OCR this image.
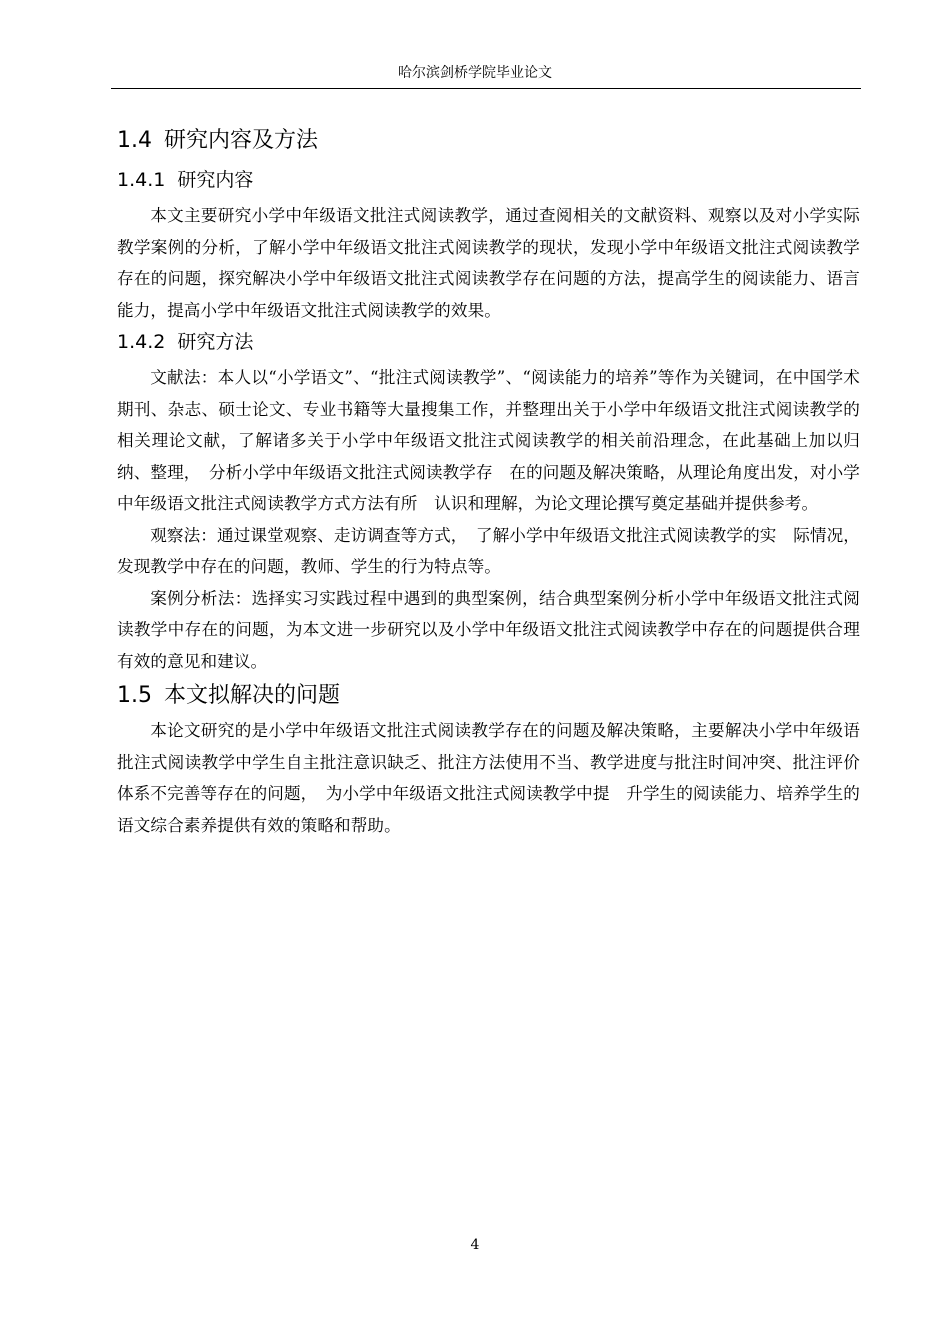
哈尔滨剑桥学院毕业论文
1.4 研究内容及方法
1.4.1 研究内容

本文主要研究小学中年级语文批注式阅读教学，通过查阅相关的文献资料、观察以及对小学实际教学案例的分析，了解小学中年级语文批注式阅读教学的现状，发现小学中年级语文批注式阅读教学存在的问题，探究解决小学中年级语文批注式阅读教学存在问题的方法，提高学生的阅读能力、语言能力，提高小学中年级语文批注式阅读教学的效果。

1.4.2 研究方法

文献法：本人以“小学语文”、“批注式阅读教学”、“阅读能力的培养”等作为关键词，在中国学术期刊、杂志、硕士论文、专业书籍等大量搜集工作，并整理出关于小学中年级语文批注式阅读教学的相关理论文献，了解诸多关于小学中年级语文批注式阅读教学的相关前沿理念，在此基础上加以归纳、整理，　分析小学中年级语文批注式阅读教学存　在的问题及解决策略，从理论角度出发，对小学中年级语文批注式阅读教学方式方法有所　认识和理解，为论文理论撰写奠定基础并提供参考。

观察法：通过课堂观察、走访调查等方式，　了解小学中年级语文批注式阅读教学的实　际情况，发现教学中存在的问题，教师、学生的行为特点等。

案例分析法：选择实习实践过程中遇到的典型案例，结合典型案例分析小学中年级语文批注式阅读教学中存在的问题，为本文进一步研究以及小学中年级语文批注式阅读教学中存在的问题提供合理有效的意见和建议。

1.5 本文拟解决的问题

本论文研究的是小学中年级语文批注式阅读教学存在的问题及解决策略，主要解决小学中年级语批注式阅读教学中学生自主批注意识缺乏、批注方法使用不当、教学进度与批注时间冲突、批注评价体系不完善等存在的问题，　为小学中年级语文批注式阅读教学中提　升学生的阅读能力、培养学生的语文综合素养提供有效的策略和帮助。

4
